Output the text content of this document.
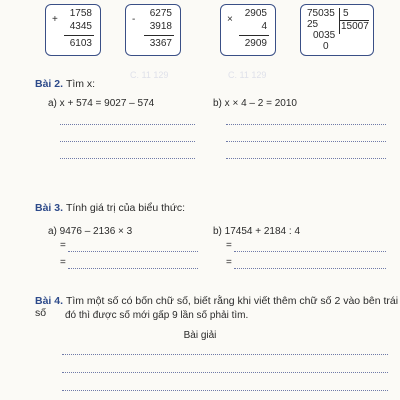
C. 11 129
C. 11 129
+
1758
4345
6103
-
6275
3918
3367
×
2905
4
2909
75035 5
25	15007
0035
0
Bài 2. Tìm x:
a) x + 574 = 9027 – 574	b) x × 4 – 2 = 2010
Bài 3. Tính giá trị của biểu thức:
a) 9476 – 2136 × 3	b) 17454 + 2184 : 4
=
=
=
=
Bài 4. Tìm một số có bốn chữ số, biết rằng khi viết thêm chữ số 2 vào bên trái số	đó thì được số mới gấp 9 lần số phải tìm.
Bài giải
